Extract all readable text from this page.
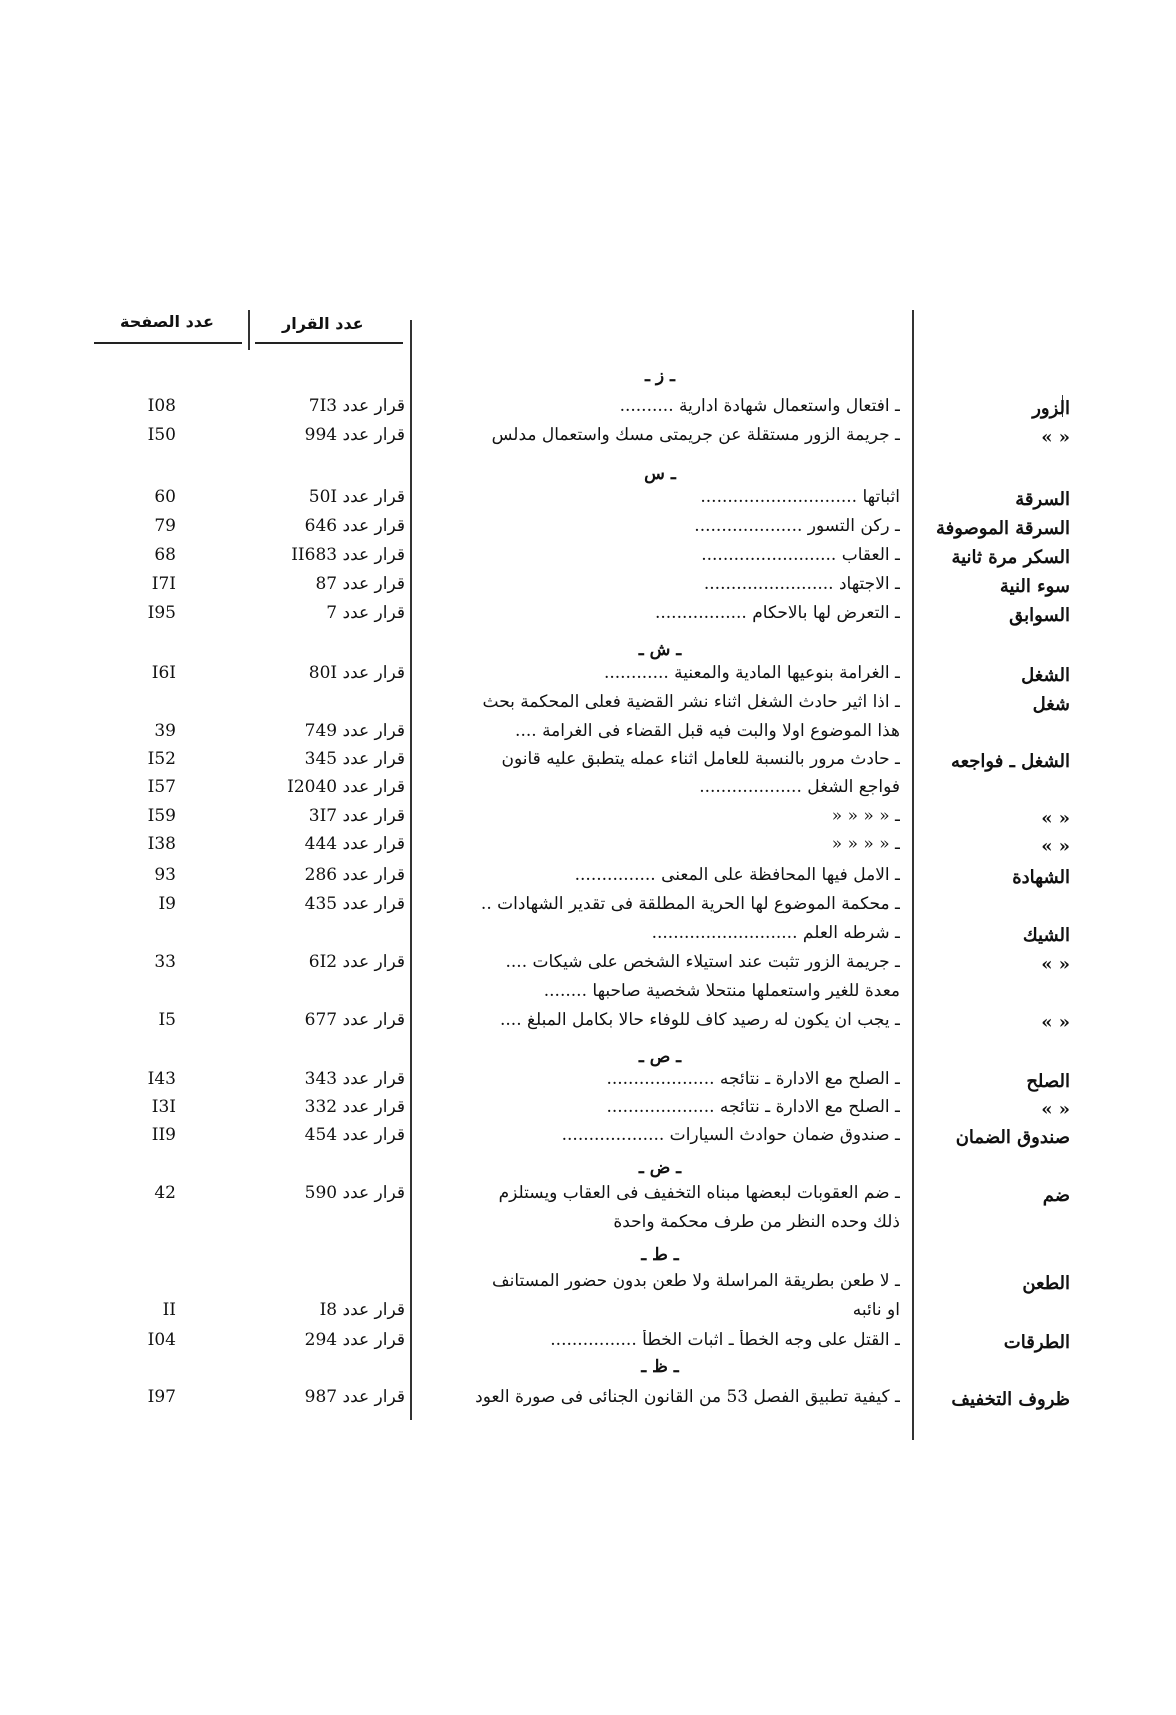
عدد الصفحة	عدد القرار
ـ ز ـ
ـ س
ـ ش ـ
ـ ص ـ
ـ ض ـ
ـ ط ـ
ـ ظ ـ
الزور
ـ افتعال واستعمال شهادة ادارية ..........
قرار عدد 7I3
I08
« »
ـ جريمة الزور مستقلة عن جريمتى مسك واستعمال مدلس
قرار عدد 994
I50
السرقة
اثباتها .............................
قرار عدد 50I
60
السرقة الموصوفة
ـ ركن التسور ....................
قرار عدد 646
79
السكر مرة ثانية
ـ العقاب .........................
قرار عدد II683
68
سوء النية
ـ الاجتهاد ........................
قرار عدد 87
I7I
السوابق
ـ التعرض لها بالاحكام .................
قرار عدد 7
I95
الشغل
ـ الغرامة بنوعيها المادية والمعنية ............
قرار عدد 80I
I6I
شغل
ـ اذا اثير حادث الشغل اثناء نشر القضية فعلى المحكمة بحث
هذا الموضوع اولا والبت فيه قبل القضاء فى الغرامة ....
قرار عدد 749
39
الشغل ـ فواجعه
ـ حادث مرور بالنسبة للعامل اثناء عمله يتطبق عليه قانون
قرار عدد 345
I52
فواجع الشغل ...................
قرار عدد I2040
I57
« »
ـ « « « «
قرار عدد 3I7
I59
« »
ـ « « « «
قرار عدد 444
I38
الشهادة
ـ الامل فيها المحافظة على المعنى ...............
قرار عدد 286
93
ـ محكمة الموضوع لها الحرية المطلقة فى تقدير الشهادات ..
قرار عدد 435
I9
الشيك
ـ شرطه العلم ...........................
« »
ـ جريمة الزور تثبت عند استيلاء الشخص على شيكات ....
قرار عدد 6I2
33
معدة للغير واستعملها منتحلا شخصية صاحبها ........
« »
ـ يجب ان يكون له رصيد كاف للوفاء حالا بكامل المبلغ ....
قرار عدد 677
I5
الصلح
ـ الصلح مع الادارة ـ نتائجه ....................
قرار عدد 343
I43
« »
ـ الصلح مع الادارة ـ نتائجه ....................
قرار عدد 332
I3I
صندوق الضمان
ـ صندوق ضمان حوادث السيارات ...................
قرار عدد 454
II9
ضم
ـ ضم العقوبات لبعضها مبناه التخفيف فى العقاب ويستلزم
قرار عدد 590
42
ذلك وحده النظر من طرف محكمة واحدة
الطعن
ـ لا طعن بطريقة المراسلة ولا طعن بدون حضور المستانف
او نائبه
قرار عدد I8
II
الطرقات
ـ القتل على وجه الخطأ ـ اثبات الخطأ ................
قرار عدد 294
I04
ظروف التخفيف
ـ كيفية تطبيق الفصل 53 من القانون الجنائى فى صورة العود
قرار عدد 987
I97
